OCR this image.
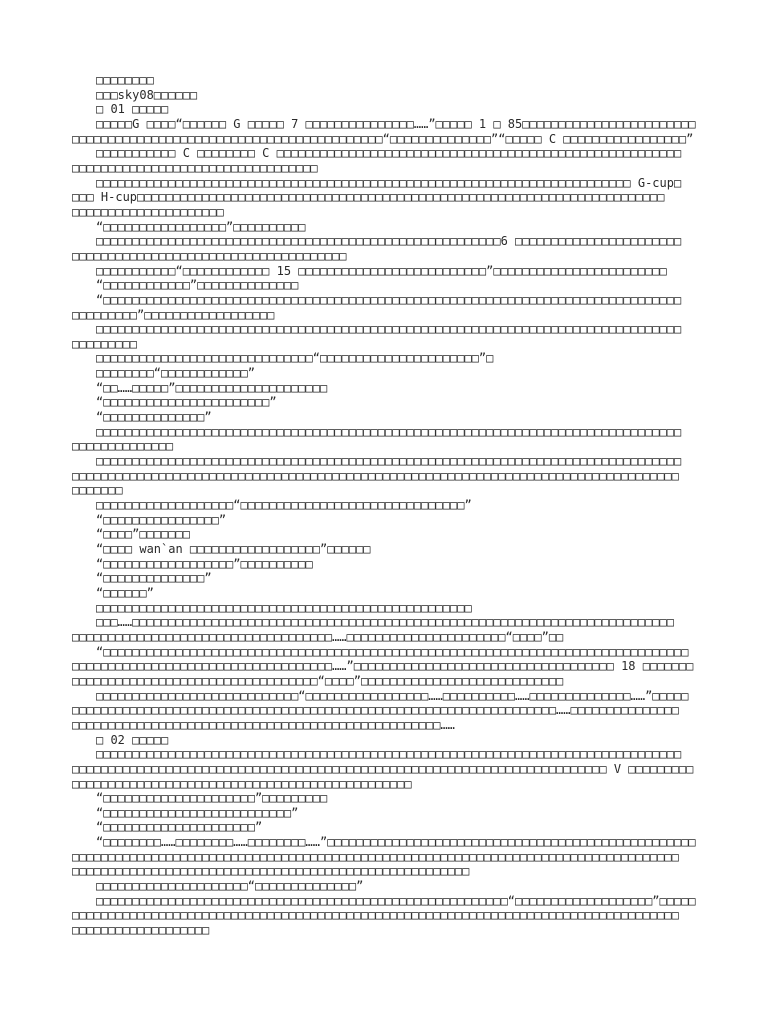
□□□□□□□□
□□□sky08□□□□□□
□ 01 □□□□□
□□□□□G □□□□“□□□□□□ G □□□□□ 7 □□□□□□□□□□□□□□□……”□□□□□ 1 □ 85□□□□□□□□□□□□□□□□□□□□□□□□
□□□□□□□□□□□□□□□□□□□□□□□□□□□□□□□□□□□□□□□□□□□“□□□□□□□□□□□□□□”“□□□□□ C □□□□□□□□□□□□□□□□□”
□□□□□□□□□□□ C □□□□□□□□ C □□□□□□□□□□□□□□□□□□□□□□□□□□□□□□□□□□□□□□□□□□□□□□□□□□□□□□□□
□□□□□□□□□□□□□□□□□□□□□□□□□□□□□□□□□□
□□□□□□□□□□□□□□□□□□□□□□□□□□□□□□□□□□□□□□□□□□□□□□□□□□□□□□□□□□□□□□□□□□□□□□□□□□ G-cup□
□□□ H-cup□□□□□□□□□□□□□□□□□□□□□□□□□□□□□□□□□□□□□□□□□□□□□□□□□□□□□□□□□□□□□□□□□□□□□□□□□
□□□□□□□□□□□□□□□□□□□□□
“□□□□□□□□□□□□□□□□□”□□□□□□□□□□
□□□□□□□□□□□□□□□□□□□□□□□□□□□□□□□□□□□□□□□□□□□□□□□□□□□□□□□□6 □□□□□□□□□□□□□□□□□□□□□□□
□□□□□□□□□□□□□□□□□□□□□□□□□□□□□□□□□□□□□□
□□□□□□□□□□□“□□□□□□□□□□□□ 15 □□□□□□□□□□□□□□□□□□□□□□□□□□”□□□□□□□□□□□□□□□□□□□□□□□□
“□□□□□□□□□□□□”□□□□□□□□□□□□□□
“□□□□□□□□□□□□□□□□□□□□□□□□□□□□□□□□□□□□□□□□□□□□□□□□□□□□□□□□□□□□□□□□□□□□□□□□□□□□□□□□
□□□□□□□□□”□□□□□□□□□□□□□□□□□□
□□□□□□□□□□□□□□□□□□□□□□□□□□□□□□□□□□□□□□□□□□□□□□□□□□□□□□□□□□□□□□□□□□□□□□□□□□□□□□□□□
□□□□□□□□□
□□□□□□□□□□□□□□□□□□□□□□□□□□□□□□“□□□□□□□□□□□□□□□□□□□□□□”□
□□□□□□□□“□□□□□□□□□□□□”
“□□……□□□□□”□□□□□□□□□□□□□□□□□□□□□
“□□□□□□□□□□□□□□□□□□□□□□□”
“□□□□□□□□□□□□□□”
□□□□□□□□□□□□□□□□□□□□□□□□□□□□□□□□□□□□□□□□□□□□□□□□□□□□□□□□□□□□□□□□□□□□□□□□□□□□□□□□□
□□□□□□□□□□□□□□
□□□□□□□□□□□□□□□□□□□□□□□□□□□□□□□□□□□□□□□□□□□□□□□□□□□□□□□□□□□□□□□□□□□□□□□□□□□□□□□□□
□□□□□□□□□□□□□□□□□□□□□□□□□□□□□□□□□□□□□□□□□□□□□□□□□□□□□□□□□□□□□□□□□□□□□□□□□□□□□□□□□□□□
□□□□□□□
□□□□□□□□□□□□□□□□□□□“□□□□□□□□□□□□□□□□□□□□□□□□□□□□□□□”
“□□□□□□□□□□□□□□□□”
“□□□□”□□□□□□□
“□□□□ wan`an □□□□□□□□□□□□□□□□□□”□□□□□□
“□□□□□□□□□□□□□□□□□□”□□□□□□□□□□
“□□□□□□□□□□□□□□”
“□□□□□□”
□□□□□□□□□□□□□□□□□□□□□□□□□□□□□□□□□□□□□□□□□□□□□□□□□□□□
□□□……□□□□□□□□□□□□□□□□□□□□□□□□□□□□□□□□□□□□□□□□□□□□□□□□□□□□□□□□□□□□□□□□□□□□□□□□□□□
□□□□□□□□□□□□□□□□□□□□□□□□□□□□□□□□□□□□……□□□□□□□□□□□□□□□□□□□□□□“□□□□”□□
“□□□□□□□□□□□□□□□□□□□□□□□□□□□□□□□□□□□□□□□□□□□□□□□□□□□□□□□□□□□□□□□□□□□□□□□□□□□□□□□□□
□□□□□□□□□□□□□□□□□□□□□□□□□□□□□□□□□□□□……”□□□□□□□□□□□□□□□□□□□□□□□□□□□□□□□□□□□□ 18 □□□□□□□
□□□□□□□□□□□□□□□□□□□□□□□□□□□□□□□□□□“□□□□”□□□□□□□□□□□□□□□□□□□□□□□□□□□□
□□□□□□□□□□□□□□□□□□□□□□□□□□□□“□□□□□□□□□□□□□□□□□……□□□□□□□□□□……□□□□□□□□□□□□□□……”□□□□□
□□□□□□□□□□□□□□□□□□□□□□□□□□□□□□□□□□□□□□□□□□□□□□□□□□□□□□□□□□□□□□□□□□□……□□□□□□□□□□□□□□□
□□□□□□□□□□□□□□□□□□□□□□□□□□□□□□□□□□□□□□□□□□□□□□□□□□□……
□ 02 □□□□□
□□□□□□□□□□□□□□□□□□□□□□□□□□□□□□□□□□□□□□□□□□□□□□□□□□□□□□□□□□□□□□□□□□□□□□□□□□□□□□□□□
□□□□□□□□□□□□□□□□□□□□□□□□□□□□□□□□□□□□□□□□□□□□□□□□□□□□□□□□□□□□□□□□□□□□□□□□□□ V □□□□□□□□□
□□□□□□□□□□□□□□□□□□□□□□□□□□□□□□□□□□□□□□□□□□□□□□□
“□□□□□□□□□□□□□□□□□□□□□”□□□□□□□□□
“□□□□□□□□□□□□□□□□□□□□□□□□□□”
“□□□□□□□□□□□□□□□□□□□□□”
“□□□□□□□□……□□□□□□□□……□□□□□□□□……”□□□□□□□□□□□□□□□□□□□□□□□□□□□□□□□□□□□□□□□□□□□□□□□□□□□
□□□□□□□□□□□□□□□□□□□□□□□□□□□□□□□□□□□□□□□□□□□□□□□□□□□□□□□□□□□□□□□□□□□□□□□□□□□□□□□□□□□□
□□□□□□□□□□□□□□□□□□□□□□□□□□□□□□□□□□□□□□□□□□□□□□□□□□□□□□□
□□□□□□□□□□□□□□□□□□□□□“□□□□□□□□□□□□□□”
□□□□□□□□□□□□□□□□□□□□□□□□□□□□□□□□□□□□□□□□□□□□□□□□□□□□□□□□□“□□□□□□□□□□□□□□□□□□□”□□□□□
□□□□□□□□□□□□□□□□□□□□□□□□□□□□□□□□□□□□□□□□□□□□□□□□□□□□□□□□□□□□□□□□□□□□□□□□□□□□□□□□□□□□
□□□□□□□□□□□□□□□□□□□
